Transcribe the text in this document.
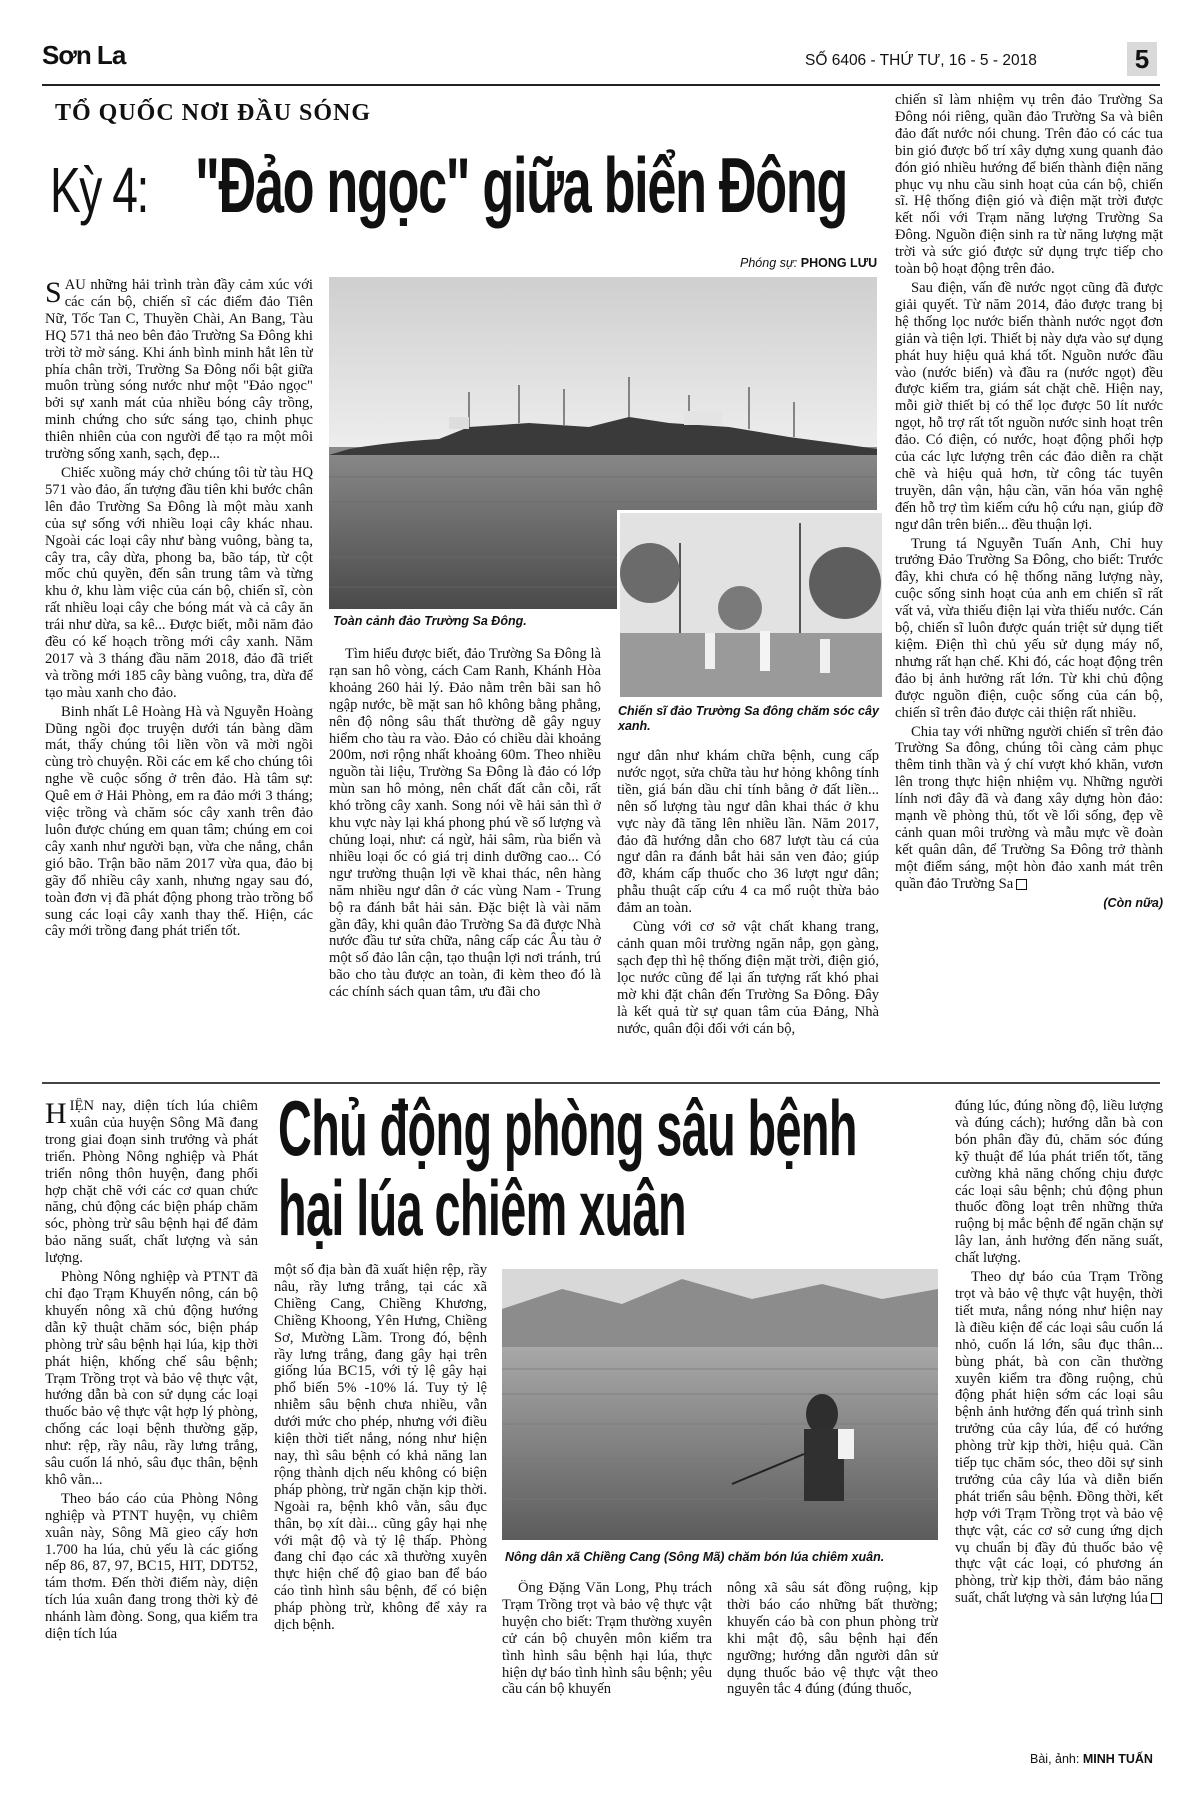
Sơn La	SỐ 6406 - THỨ TƯ, 16 - 5 - 2018	5
TỔ QUỐC NƠI ĐẦU SÓNG
Kỳ 4: "Đảo ngọc" giữa biển Đông
Phóng sự: PHONG LƯU

SAU những hải trình tràn đầy cảm xúc với các cán bộ, chiến sĩ các điểm đảo Tiên Nữ, Tốc Tan C, Thuyền Chài, An Bang, Tàu HQ 571 thả neo bên đảo Trường Sa Đông khi trời tờ mờ sáng. Khi ánh bình minh hắt lên từ phía chân trời, Trường Sa Đông nổi bật giữa muôn trùng sóng nước như một "Đảo ngọc" bởi sự xanh mát của nhiều bóng cây trồng, minh chứng cho sức sáng tạo, chinh phục thiên nhiên của con người để tạo ra một môi trường sống xanh, sạch, đẹp...

Chiếc xuồng máy chở chúng tôi từ tàu HQ 571 vào đảo, ấn tượng đầu tiên khi bước chân lên đảo Trường Sa Đông là một màu xanh của sự sống với nhiều loại cây khác nhau. Ngoài các loại cây như bàng vuông, bàng ta, cây tra, cây dừa, phong ba, bão táp, từ cột mốc chủ quyền, đến sân trung tâm và từng khu ở, khu làm việc của cán bộ, chiến sĩ, còn rất nhiều loại cây che bóng mát và cả cây ăn trái như dừa, sa kê... Được biết, mỗi năm đảo đều có kế hoạch trồng mới cây xanh. Năm 2017 và 3 tháng đầu năm 2018, đảo đã triết và trồng mới 185 cây bàng vuông, tra, dừa để tạo màu xanh cho đảo.

Binh nhất Lê Hoàng Hà và Nguyễn Hoàng Dũng ngồi đọc truyện dưới tán bàng dầm mát, thấy chúng tôi liền vồn vã mời ngồi cùng trò chuyện. Rồi các em kể cho chúng tôi nghe về cuộc sống ở trên đảo. Hà tâm sự: Quê em ở Hải Phòng, em ra đảo mới 3 tháng; việc trồng và chăm sóc cây xanh trên đảo luôn được chúng em quan tâm; chúng em coi cây xanh như người bạn, vừa che nắng, chắn gió bão. Trận bão năm 2017 vừa qua, đảo bị gãy đổ nhiều cây xanh, nhưng ngay sau đó, toàn đơn vị đã phát động phong trào trồng bổ sung các loại cây xanh thay thế. Hiện, các cây mới trồng đang phát triển tốt.

Toàn cảnh đảo Trường Sa Đông.
Chiến sĩ đảo Trường Sa đông chăm sóc cây xanh.

Tìm hiểu được biết, đảo Trường Sa Đông là rạn san hô vòng, cách Cam Ranh, Khánh Hòa khoảng 260 hải lý. Đảo nằm trên bãi san hô ngập nước, bề mặt san hô không bằng phẳng, nên độ nông sâu thất thường dễ gây nguy hiểm cho tàu ra vào. Đảo có chiều dài khoảng 200m, nơi rộng nhất khoảng 60m. Theo nhiều nguồn tài liệu, Trường Sa Đông là đảo có lớp mùn san hô mỏng, nên chất đất cằn cỗi, rất khó trồng cây xanh. Song nói về hải sản thì ở khu vực này lại khá phong phú về số lượng và chủng loại, như: cá ngừ, hải sâm, rùa biển và nhiều loại ốc có giá trị dinh dưỡng cao... Có ngư trường thuận lợi về khai thác, nên hàng năm nhiều ngư dân ở các vùng Nam - Trung bộ ra đánh bắt hải sản. Đặc biệt là vài năm gần đây, khi quân đảo Trường Sa đã được Nhà nước đầu tư sửa chữa, nâng cấp các Âu tàu ở một số đảo lân cận, tạo thuận lợi nơi tránh, trú bão cho tàu được an toàn, đi kèm theo đó là các chính sách quan tâm, ưu đãi cho

ngư dân như khám chữa bệnh, cung cấp nước ngọt, sửa chữa tàu hư hỏng không tính tiền, giá bán dầu chỉ tính bằng ở đất liền... nên số lượng tàu ngư dân khai thác ở khu vực này đã tăng lên nhiều lần. Năm 2017, đảo đã hướng dẫn cho 687 lượt tàu cá của ngư dân ra đánh bắt hải sản ven đảo; giúp đỡ, khám cấp thuốc cho 36 lượt ngư dân; phẫu thuật cấp cứu 4 ca mổ ruột thừa bảo đảm an toàn.

Cùng với cơ sở vật chất khang trang, cảnh quan môi trường ngăn nắp, gọn gàng, sạch đẹp thì hệ thống điện mặt trời, điện gió, lọc nước cũng để lại ấn tượng rất khó phai mờ khi đặt chân đến Trường Sa Đông. Đây là kết quả từ sự quan tâm của Đảng, Nhà nước, quân đội đối với cán bộ,

chiến sĩ làm nhiệm vụ trên đảo Trường Sa Đông nói riêng, quần đảo Trường Sa và biên đảo đất nước nói chung. Trên đảo có các tua bin gió được bố trí xây dựng xung quanh đảo đón gió nhiều hướng để biến thành điện năng phục vụ nhu cầu sinh hoạt của cán bộ, chiến sĩ. Hệ thống điện gió và điện mặt trời được kết nối với Trạm năng lượng Trường Sa Đông. Nguồn điện sinh ra từ năng lượng mặt trời và sức gió được sử dụng trực tiếp cho toàn bộ hoạt động trên đảo.

Sau điện, vấn đề nước ngọt cũng đã được giải quyết. Từ năm 2014, đảo được trang bị hệ thống lọc nước biển thành nước ngọt đơn giản và tiện lợi. Thiết bị này dựa vào sự dụng phát huy hiệu quả khá tốt. Nguồn nước đầu vào (nước biển) và đầu ra (nước ngọt) đều được kiểm tra, giám sát chặt chẽ. Hiện nay, mỗi giờ thiết bị có thể lọc được 50 lít nước ngọt, hỗ trợ rất tốt nguồn nước sinh hoạt trên đảo. Có điện, có nước, hoạt động phối hợp của các lực lượng trên các đảo diễn ra chặt chẽ và hiệu quả hơn, từ công tác tuyên truyền, dân vận, hậu cần, văn hóa văn nghệ đến hỗ trợ tìm kiếm cứu hộ cứu nạn, giúp đỡ ngư dân trên biển... đều thuận lợi.

Trung tá Nguyễn Tuấn Anh, Chỉ huy trưởng Đảo Trường Sa Đông, cho biết: Trước đây, khi chưa có hệ thống năng lượng này, cuộc sống sinh hoạt của anh em chiến sĩ rất vất vả, vừa thiếu điện lại vừa thiếu nước. Cán bộ, chiến sĩ luôn được quán triệt sử dụng tiết kiệm. Điện thì chủ yếu sử dụng máy nổ, nhưng rất hạn chế. Khi đó, các hoạt động trên đảo bị ảnh hưởng rất lớn. Từ khi chủ động được nguồn điện, cuộc sống của cán bộ, chiến sĩ trên đảo được cải thiện rất nhiều.

Chia tay với những người chiến sĩ trên đảo Trường Sa đông, chúng tôi càng cảm phục thêm tinh thần và ý chí vượt khó khăn, vươn lên trong thực hiện nhiệm vụ. Những người lính nơi đây đã và đang xây dựng hòn đảo: mạnh về phòng thủ, tốt về lối sống, đẹp về cảnh quan môi trường và mẫu mực về đoàn kết quân dân, để Trường Sa Đông trở thành một điểm sáng, một hòn đảo xanh mát trên quần đảo Trường Sa

(Còn nữa)

HIỆN nay, diện tích lúa chiêm xuân của huyện Sông Mã đang trong giai đoạn sinh trưởng và phát triển. Phòng Nông nghiệp và Phát triển nông thôn huyện, đang phối hợp chặt chẽ với các cơ quan chức năng, chủ động các biện pháp chăm sóc, phòng trừ sâu bệnh hại để đảm bảo năng suất, chất lượng và sản lượng.

Phòng Nông nghiệp và PTNT đã chỉ đạo Trạm Khuyến nông, cán bộ khuyến nông xã chủ động hướng dẫn kỹ thuật chăm sóc, biện pháp phòng trừ sâu bệnh hại lúa, kịp thời phát hiện, khống chế sâu bệnh; Trạm Trồng trọt và bảo vệ thực vật, hướng dẫn bà con sử dụng các loại thuốc bảo vệ thực vật hợp lý phòng, chống các loại bệnh thường gặp, như: rệp, rầy nâu, rầy lưng trắng, sâu cuốn lá nhỏ, sâu đục thân, bệnh khô vằn...

Theo báo cáo của Phòng Nông nghiệp và PTNT huyện, vụ chiêm xuân này, Sông Mã gieo cấy hơn 1.700 ha lúa, chủ yếu là các giống nếp 86, 87, 97, BC15, HIT, DDT52, tám thơm. Đến thời điểm này, diện tích lúa xuân đang trong thời kỳ đẻ nhánh làm đòng. Song, qua kiểm tra diện tích lúa

Chủ động phòng sâu bệnh
hại lúa chiêm xuân

một số địa bàn đã xuất hiện rệp, rầy nâu, rầy lưng trắng, tại các xã Chiềng Cang, Chiềng Khương, Chiềng Khoong, Yên Hưng, Chiềng Sơ, Mường Lầm. Trong đó, bệnh rầy lưng trắng, đang gây hại trên giống lúa BC15, với tỷ lệ gây hại phổ biến 5% -10% lá. Tuy tỷ lệ nhiễm sâu bệnh chưa nhiều, vẫn dưới mức cho phép, nhưng với điều kiện thời tiết nắng, nóng như hiện nay, thì sâu bệnh có khả năng lan rộng thành dịch nếu không có biện pháp phòng, trừ ngăn chặn kịp thời. Ngoài ra, bệnh khô vằn, sâu đục thân, bọ xít dài... cũng gây hại nhẹ với mật độ và tỷ lệ thấp. Phòng đang chỉ đạo các xã thường xuyên thực hiện chế độ giao ban để báo cáo tình hình sâu bệnh, để có biện pháp phòng trừ, không để xảy ra dịch bệnh.

Nông dân xã Chiềng Cang (Sông Mã) chăm bón lúa chiêm xuân.

Ông Đặng Văn Long, Phụ trách Trạm Trồng trọt và bảo vệ thực vật huyện cho biết: Trạm thường xuyên cử cán bộ chuyên môn kiểm tra tình hình sâu bệnh hại lúa, thực hiện dự báo tình hình sâu bệnh; yêu cầu cán bộ khuyến

nông xã sâu sát đồng ruộng, kịp thời báo cáo những bất thường; khuyến cáo bà con phun phòng trừ khi mật độ, sâu bệnh hại đến ngưỡng; hướng dẫn người dân sử dụng thuốc bảo vệ thực vật theo nguyên tắc 4 đúng (đúng thuốc,

đúng lúc, đúng nồng độ, liều lượng và đúng cách); hướng dẫn bà con bón phân đầy đủ, chăm sóc đúng kỹ thuật để lúa phát triển tốt, tăng cường khả năng chống chịu được các loại sâu bệnh; chủ động phun thuốc đồng loạt trên những thửa ruộng bị mắc bệnh để ngăn chặn sự lây lan, ảnh hưởng đến năng suất, chất lượng.

Theo dự báo của Trạm Trồng trọt và bảo vệ thực vật huyện, thời tiết mưa, nắng nóng như hiện nay là điều kiện để các loại sâu cuốn lá nhỏ, cuốn lá lớn, sâu đục thân... bùng phát, bà con cần thường xuyên kiểm tra đồng ruộng, chủ động phát hiện sớm các loại sâu bệnh ảnh hưởng đến quá trình sinh trưởng của cây lúa, để có hướng phòng trừ kịp thời, hiệu quả. Cần tiếp tục chăm sóc, theo dõi sự sinh trưởng của cây lúa và diễn biến phát triển sâu bệnh. Đồng thời, kết hợp với Trạm Trồng trọt và bảo vệ thực vật, các cơ sở cung ứng dịch vụ chuẩn bị đầy đủ thuốc bảo vệ thực vật các loại, có phương án phòng, trừ kịp thời, đảm bảo năng suất, chất lượng và sản lượng lúa

Bài, ảnh: MINH TUẤN
